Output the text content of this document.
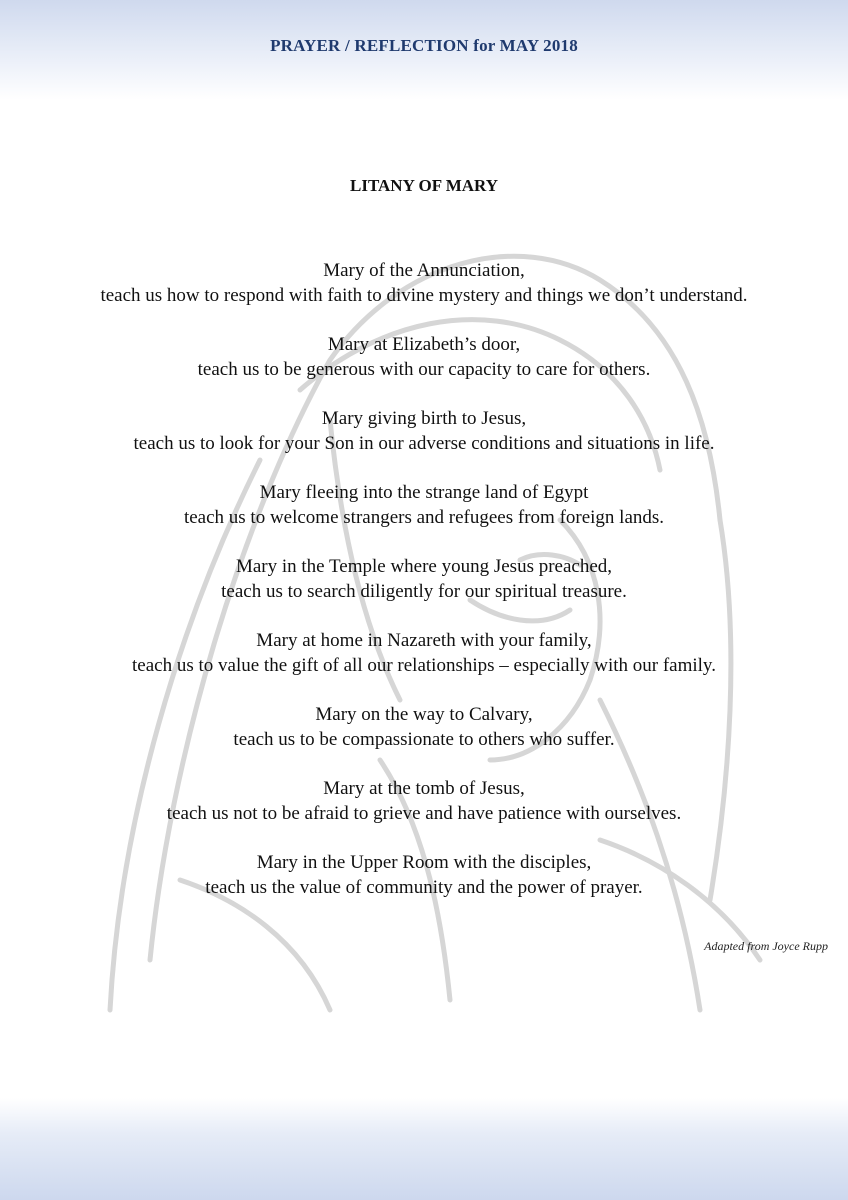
PRAYER / REFLECTION for MAY 2018
LITANY OF MARY
Mary of the Annunciation,
teach us how to respond with faith to divine mystery and things we don’t understand.
Mary at Elizabeth’s door,
teach us to be generous with our capacity to care for others.
Mary giving birth to Jesus,
teach us to look for your Son in our adverse conditions and situations in life.
Mary fleeing into the strange land of Egypt
teach us to welcome strangers and refugees from foreign lands.
Mary in the Temple where young Jesus preached,
teach us to search diligently for our spiritual treasure.
Mary at home in Nazareth with your family,
teach us to value the gift of all our relationships – especially with our family.
Mary on the way to Calvary,
teach us to be compassionate to others who suffer.
Mary at the tomb of Jesus,
teach us not to be afraid to grieve and have patience with ourselves.
Mary in the Upper Room with the disciples,
teach us the value of community and the power of prayer.
Adapted from Joyce Rupp
